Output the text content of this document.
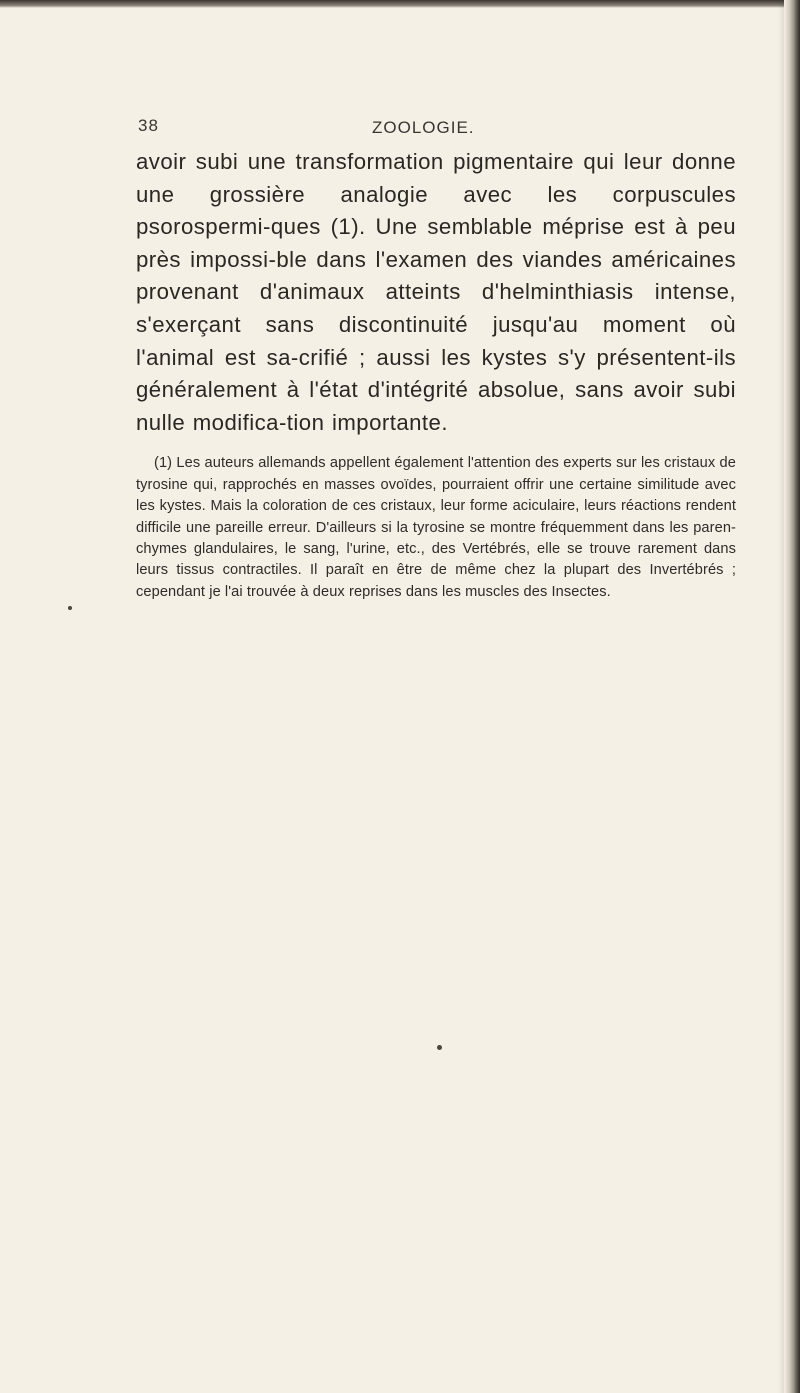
38	ZOOLOGIE.

avoir subi une transformation pigmentaire qui leur donne une grossière analogie avec les corpuscules psorospermi-ques (1). Une semblable méprise est à peu près impossi-ble dans l'examen des viandes américaines provenant d'animaux atteints d'helminthiasis intense, s'exerçant sans discontinuité jusqu'au moment où l'animal est sa-crifié ; aussi les kystes s'y présentent-ils généralement à l'état d'intégrité absolue, sans avoir subi nulle modifica-tion importante.

(1) Les auteurs allemands appellent également l'attention des experts sur les cristaux de tyrosine qui, rapprochés en masses ovoïdes, pourraient offrir une certaine similitude avec les kystes. Mais la coloration de ces cristaux, leur forme aciculaire, leurs réactions rendent difficile une pareille erreur. D'ailleurs si la tyrosine se montre fréquemment dans les paren-chymes glandulaires, le sang, l'urine, etc., des Vertébrés, elle se trouve rarement dans leurs tissus contractiles. Il paraît en être de même chez la plupart des Invertébrés ; cependant je l'ai trouvée à deux reprises dans les muscles des Insectes.
